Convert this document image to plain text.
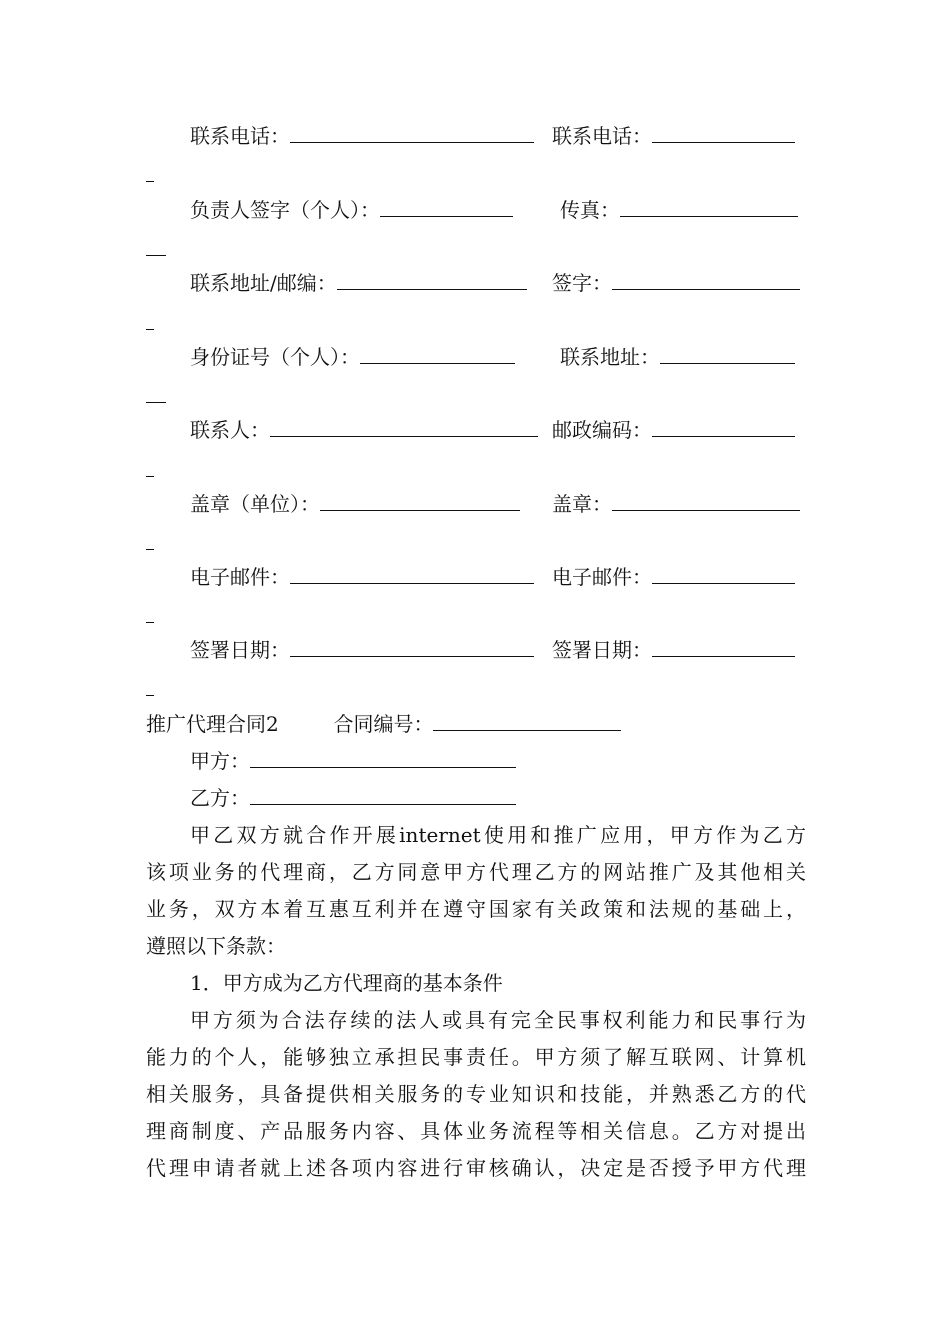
联系电话：	联系电话：
负责人签字（个人）：	传真：
联系地址/邮编：	签字：
身份证号（个人）：	联系地址：
联系人：	邮政编码：
盖章（单位）：	盖章：
电子邮件：	电子邮件：
签署日期：	签署日期：
推广代理合同2	合同编号：
甲方：
乙方：
甲乙双方就合作开展internet使用和推广应用，甲方作为乙方
该项业务的代理商，乙方同意甲方代理乙方的网站推广及其他相关
业务，双方本着互惠互利并在遵守国家有关政策和法规的基础上，
遵照以下条款：
1．甲方成为乙方代理商的基本条件
甲方须为合法存续的法人或具有完全民事权利能力和民事行为
能力的个人，能够独立承担民事责任。甲方须了解互联网、计算机
相关服务，具备提供相关服务的专业知识和技能，并熟悉乙方的代
理商制度、产品服务内容、具体业务流程等相关信息。乙方对提出
代理申请者就上述各项内容进行审核确认，决定是否授予甲方代理
